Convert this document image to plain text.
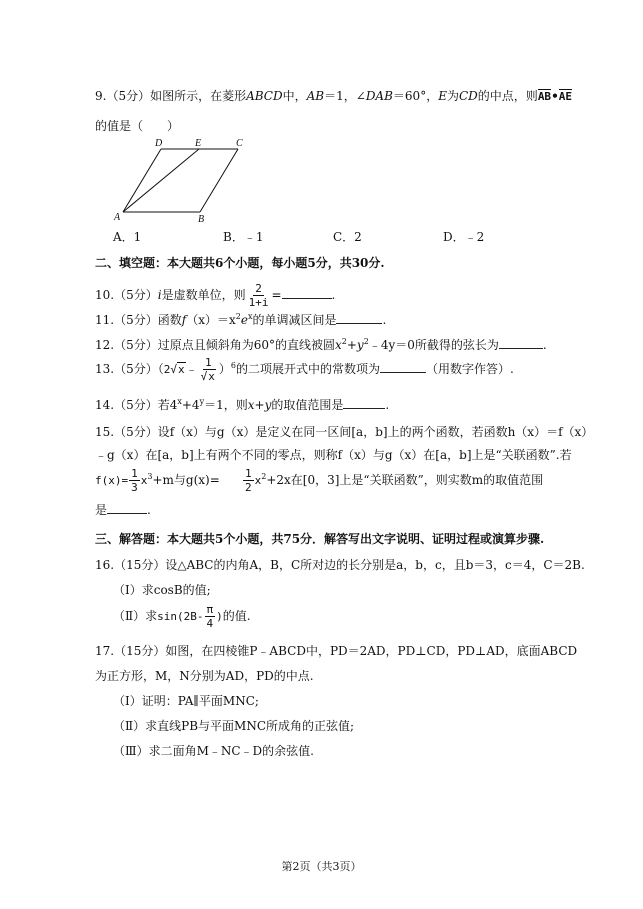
9.（5分）如图所示，在菱形ABCD中，AB＝1，∠DAB＝60°，E为CD的中点，则AB•AE
的值是（　　）
D	E	C
A	B
A．1	B．﹣1	C．2	D．﹣2
二、填空题：本大题共6个小题，每小题5分，共30分.
10.（5分）i是虚数单位，则 $\frac{2}{1+i}$ =	.
11.（5分）函数$f(x)=x^2e^x$的单调减区间是	.
12.（5分）过原点且倾斜角为60°的直线被圆$x^2+y^2﹣4y=0$所截得的弦长为	.
13.（5分）（2√x﹣ $\frac{1}{√x} )^6$的二项展开式中的常数项为	（用数字作答）.
14.（5分）若$4^x+4^y=1$，则x+y的取值范围是	.
15.（5分）设f（x）与g（x）是定义在同一区间[a，b]上的两个函数，若函数h（x）＝f（x）
﹣g（x）在[a，b]上有两个不同的零点，则称f（x）与g（x）在[a，b]上是“关联函数”.若
$f(x)= \frac{1}{3} x^3+m$与$g(x)= \frac{1}{2} x^2+2x$在[0，3]上是“关联函数”，则实数m的取值范围
是	.
三、解答题：本大题共5个小题，共75分．解答写出文字说明、证明过程或演算步骤.
16.（15分）设△ABC的内角A，B，C所对边的长分别是a，b，c，且b＝3，c＝4，C＝2B.
（Ⅰ）求cosB的值;
（Ⅱ）求$\sin(2B- \frac{\pi}{4}$ )的值.
17.（15分）如图，在四棱锥P﹣ABCD中，PD＝2AD，PD⊥CD，PD⊥AD，底面ABCD
为正方形，M，N分别为AD，PD的中点.
（Ⅰ）证明：PA∥平面MNC;
（Ⅱ）求直线PB与平面MNC所成角的正弦值;
（Ⅲ）求二面角M﹣NC﹣D的余弦值.
第2页（共3页）
